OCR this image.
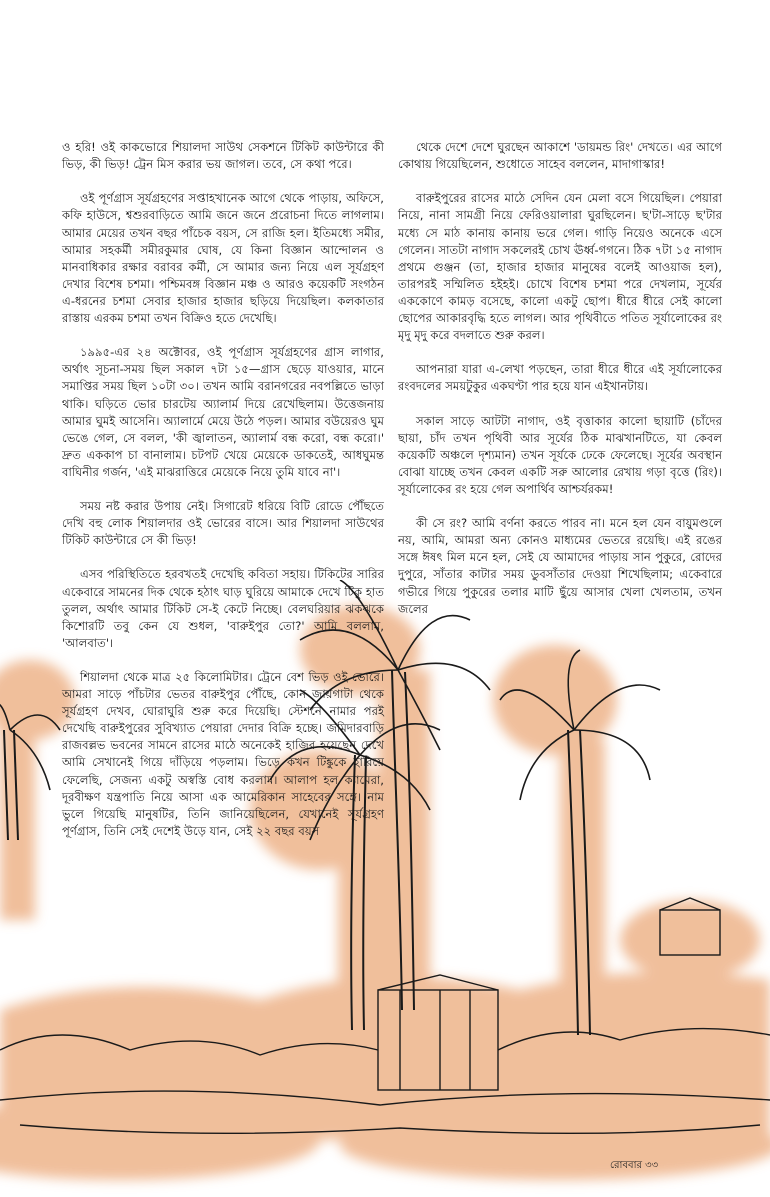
ও হরি! ওই কাকভোরে শিয়ালদা সাউথ সেকশনে টিকিট কাউন্টারে কী ভিড়, কী ভিড়! ট্রেন মিস করার ভয় জাগল। তবে, সে কথা পরে।

ওই পূর্ণগ্রাস সূর্যগ্রহণের সপ্তাহখানেক আগে থেকে পাড়ায়, অফিসে, কফি হাউসে, শ্বশুরবাড়িতে আমি জনে জনে প্ররোচনা দিতে লাগলাম। আমার মেয়ের তখন বছর পাঁচেক বয়স, সে রাজি হল। ইতিমধ্যে সমীর, আমার সহকর্মী সমীরকুমার ঘোষ, যে কিনা বিজ্ঞান আন্দোলন ও মানবাধিকার রক্ষার বরাবর কর্মী, সে আমার জন্য নিয়ে এল সূর্যগ্রহণ দেখার বিশেষ চশমা। পশ্চিমবঙ্গ বিজ্ঞান মঞ্চ ও আরও কয়েকটি সংগঠন এ-ধরনের চশমা সেবার হাজার হাজার ছড়িয়ে দিয়েছিল। কলকাতার রাস্তায় এরকম চশমা তখন বিক্রিও হতে দেখেছি।

১৯৯৫-এর ২৪ অক্টোবর, ওই পূর্ণগ্রাস সূর্যগ্রহণের গ্রাস লাগার, অর্থাৎ সূচনা-সময় ছিল সকাল ৭টা ১৫—গ্রাস ছেড়ে যাওয়ার, মানে সমাপ্তির সময় ছিল ১০টা ৩০। তখন আমি বরানগরের নবপল্লিতে ভাড়া থাকি। ঘড়িতে ভোর চারটেয় অ্যালার্ম দিয়ে রেখেছিলাম। উত্তেজনায় আমার ঘুমই আসেনি। অ্যালার্মে মেয়ে উঠে পড়ল। আমার বউয়েরও ঘুম ভেঙে গেল, সে বলল, 'কী জ্বালাতন, অ্যালার্ম বন্ধ করো, বন্ধ করো।' দ্রুত এককাপ চা বানালাম। চটপট খেয়ে মেয়েকে ডাকতেই, আধঘুমন্ত বাঘিনীর গর্জন, 'এই মাঝরাত্তিরে মেয়েকে নিয়ে তুমি যাবে না'।

সময় নষ্ট করার উপায় নেই। সিগারেট ধরিয়ে বিটি রোডে পৌঁছতে দেখি বহু লোক শিয়ালদার ওই ভোরের বাসে। আর শিয়ালদা সাউথের টিকিট কাউন্টারে সে কী ভিড়!

এসব পরিস্থিতিতে হরবখতই দেখেছি কবিতা সহায়। টিকিটের সারির একেবারে সামনের দিক থেকে হঠাৎ ঘাড় ঘুরিয়ে আমাকে দেখে টিকু হাত তুলল, অর্থাৎ আমার টিকিট সে-ই কেটে নিচ্ছে। বেলঘরিয়ার ঝকঝকে কিশোরটি তবু কেন যে শুধল, 'বারুইপুর তো?' আমি বললাম, 'আলবাত'।

শিয়ালদা থেকে মাত্র ২৫ কিলোমিটার। ট্রেনে বেশ ভিড় ওই ভোরে। আমরা সাড়ে পাঁচটার ভেতর বারুইপুর পৌঁছে, কোন জায়গাটা থেকে সূর্যগ্রহণ দেখব, ঘোরাঘুরি শুরু করে দিয়েছি। স্টেশনে নামার পরই দেখেছি বারুইপুরের সুবিখ্যাত পেয়ারা দেদার বিক্রি হচ্ছে। জমিদারবাড়ি রাজবল্লভ ভবনের সামনে রাসের মাঠে অনেকেই হাজির হয়েছেন দেখে আমি সেখানেই গিয়ে দাঁড়িয়ে পড়লাম। ভিড়ে কখন টিঙ্কুকে হারিয়ে ফেলেছি, সেজন্য একটু অস্বস্তি বোধ করলাম। আলাপ হল ক্যামেরা, দূরবীক্ষণ যন্ত্রপাতি নিয়ে আসা এক আমেরিকান সাহেবের সঙ্গে। নাম ভুলে গিয়েছি মানুষটির, তিনি জানিয়েছিলেন, যেখানেই সূর্যগ্রহণ পূর্ণগ্রাস, তিনি সেই দেশেই উড়ে যান, সেই ২২ বছর বয়স

থেকে দেশে দেশে ঘুরছেন আকাশে 'ডায়মন্ড রিং' দেখতে। এর আগে কোথায় গিয়েছিলেন, শুধোতে সাহেব বললেন, মাদাগাস্কার!

বারুইপুরের রাসের মাঠে সেদিন যেন মেলা বসে গিয়েছিল। পেয়ারা নিয়ে, নানা সামগ্রী নিয়ে ফেরিওয়ালারা ঘুরছিলেন। ছ'টা-সাড়ে ছ'টার মধ্যে সে মাঠ কানায় কানায় ভরে গেল। গাড়ি নিয়েও অনেকে এসে গেলেন। সাতটা নাগাদ সকলেরই চোখ ঊর্ধ্ব-গগনে। ঠিক ৭টা ১৫ নাগাদ প্রথমে গুঞ্জন (তা, হাজার হাজার মানুষের বলেই আওয়াজ হল), তারপরই সম্মিলিত হইহই। চোখে বিশেষ চশমা পরে দেখলাম, সূর্যের এককোণে কামড় বসেছে, কালো একটু ছোপ। ধীরে ধীরে সেই কালো ছোপের আকারবৃদ্ধি হতে লাগল। আর পৃথিবীতে পতিত সূর্যালোকের রং মৃদু মৃদু করে বদলাতে শুরু করল।

আপনারা যারা এ-লেখা পড়ছেন, তারা ধীরে ধীরে এই সূর্যালোকের রংবদলের সময়টুকুর একঘণ্টা পার হয়ে যান এইখানটায়।

সকাল সাড়ে আটটা নাগাদ, ওই বৃত্তাকার কালো ছায়াটি (চাঁদের ছায়া, চাঁদ তখন পৃথিবী আর সূর্যের ঠিক মাঝখানটিতে, যা কেবল কয়েকটি অঞ্চলে দৃশ্যমান) তখন সূর্যকে ঢেকে ফেলেছে। সূর্যের অবস্থান বোঝা যাচ্ছে তখন কেবল একটি সরু আলোর রেখায় গড়া বৃত্তে (রিং)। সূর্যালোকের রং হয়ে গেল অপার্থিব আশ্চর্যরকম!

কী সে রং? আমি বর্ণনা করতে পারব না। মনে হল যেন বায়ুমণ্ডলে নয়, আমি, আমরা অন্য কোনও মাধ্যমের ভেতরে রয়েছি। এই রঙের সঙ্গে ঈষৎ মিল মনে হল, সেই যে আমাদের পাড়ায় সান পুকুরে, রোদের দুপুরে, সাঁতার কাটার সময় ডুবসাঁতার দেওয়া শিখেছিলাম; একেবারে গভীরে গিয়ে পুকুরের তলার মাটি ছুঁয়ে আসার খেলা খেলতাম, তখন জলের

রোববার ৩৩
